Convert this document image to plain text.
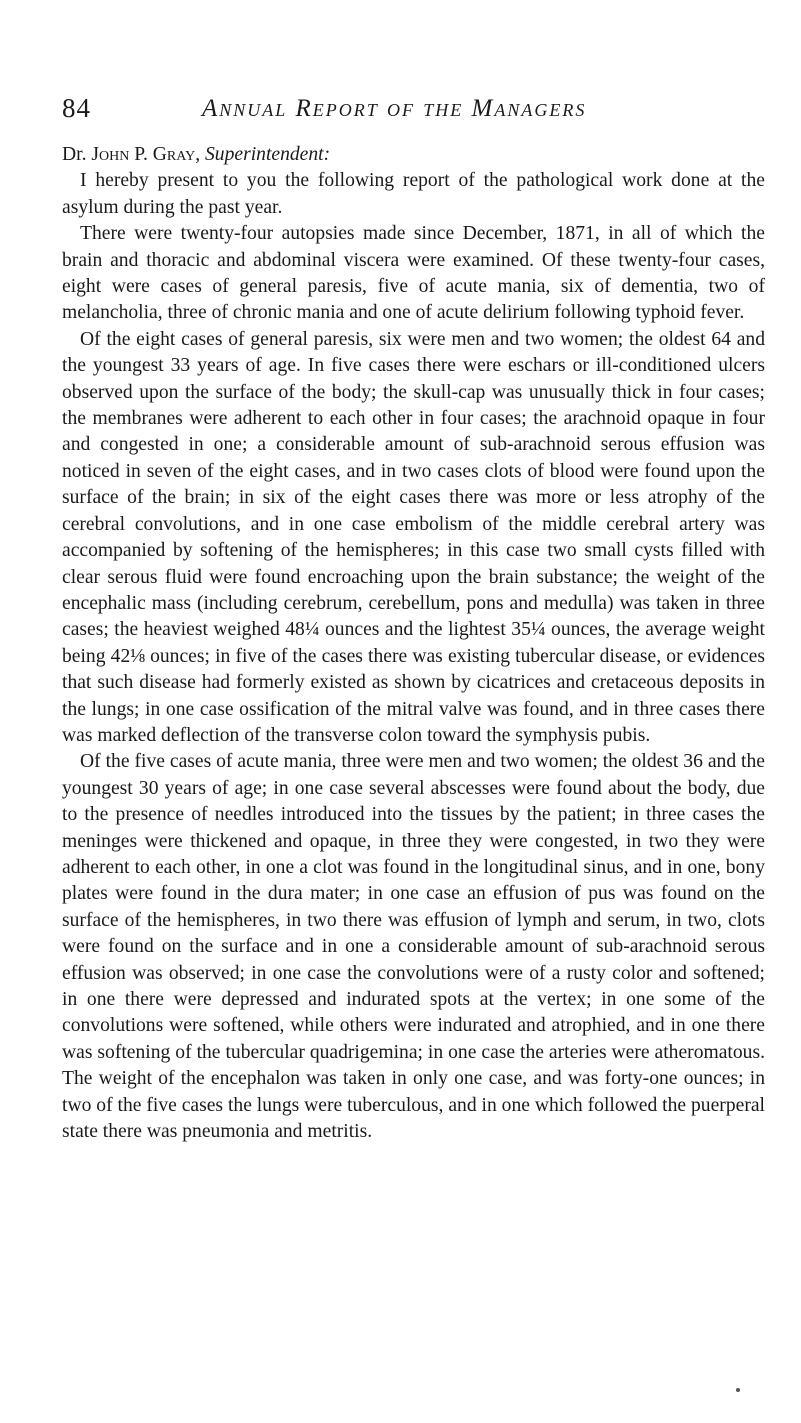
84	Annual Report of the Managers

Dr. John P. Gray, Superintendent:

I hereby present to you the following report of the pathological work done at the asylum during the past year.

There were twenty-four autopsies made since December, 1871, in all of which the brain and thoracic and abdominal viscera were examined. Of these twenty-four cases, eight were cases of general paresis, five of acute mania, six of dementia, two of melancholia, three of chronic mania and one of acute delirium following typhoid fever.

Of the eight cases of general paresis, six were men and two women; the oldest 64 and the youngest 33 years of age. In five cases there were eschars or ill-conditioned ulcers observed upon the surface of the body; the skull-cap was unusually thick in four cases; the membranes were adherent to each other in four cases; the arachnoid opaque in four and congested in one; a considerable amount of sub-arachnoid serous effusion was noticed in seven of the eight cases, and in two cases clots of blood were found upon the surface of the brain; in six of the eight cases there was more or less atrophy of the cerebral convolutions, and in one case embolism of the middle cerebral artery was accompanied by softening of the hemispheres; in this case two small cysts filled with clear serous fluid were found encroaching upon the brain substance; the weight of the encephalic mass (including cerebrum, cerebellum, pons and medulla) was taken in three cases; the heaviest weighed 48¼ ounces and the lightest 35¼ ounces, the average weight being 42⅛ ounces; in five of the cases there was existing tubercular disease, or evidences that such disease had formerly existed as shown by cicatrices and cretaceous deposits in the lungs; in one case ossification of the mitral valve was found, and in three cases there was marked deflection of the transverse colon toward the symphysis pubis.

Of the five cases of acute mania, three were men and two women; the oldest 36 and the youngest 30 years of age; in one case several abscesses were found about the body, due to the presence of needles introduced into the tissues by the patient; in three cases the meninges were thickened and opaque, in three they were congested, in two they were adherent to each other, in one a clot was found in the longitudinal sinus, and in one, bony plates were found in the dura mater; in one case an effusion of pus was found on the surface of the hemispheres, in two there was effusion of lymph and serum, in two, clots were found on the surface and in one a considerable amount of sub-arachnoid serous effusion was observed; in one case the convolutions were of a rusty color and softened; in one there were depressed and indurated spots at the vertex; in one some of the convolutions were softened, while others were indurated and atrophied, and in one there was softening of the tubercular quadrigemina; in one case the arteries were atheromatous. The weight of the encephalon was taken in only one case, and was forty-one ounces; in two of the five cases the lungs were tuberculous, and in one which followed the puerperal state there was pneumonia and metritis.
